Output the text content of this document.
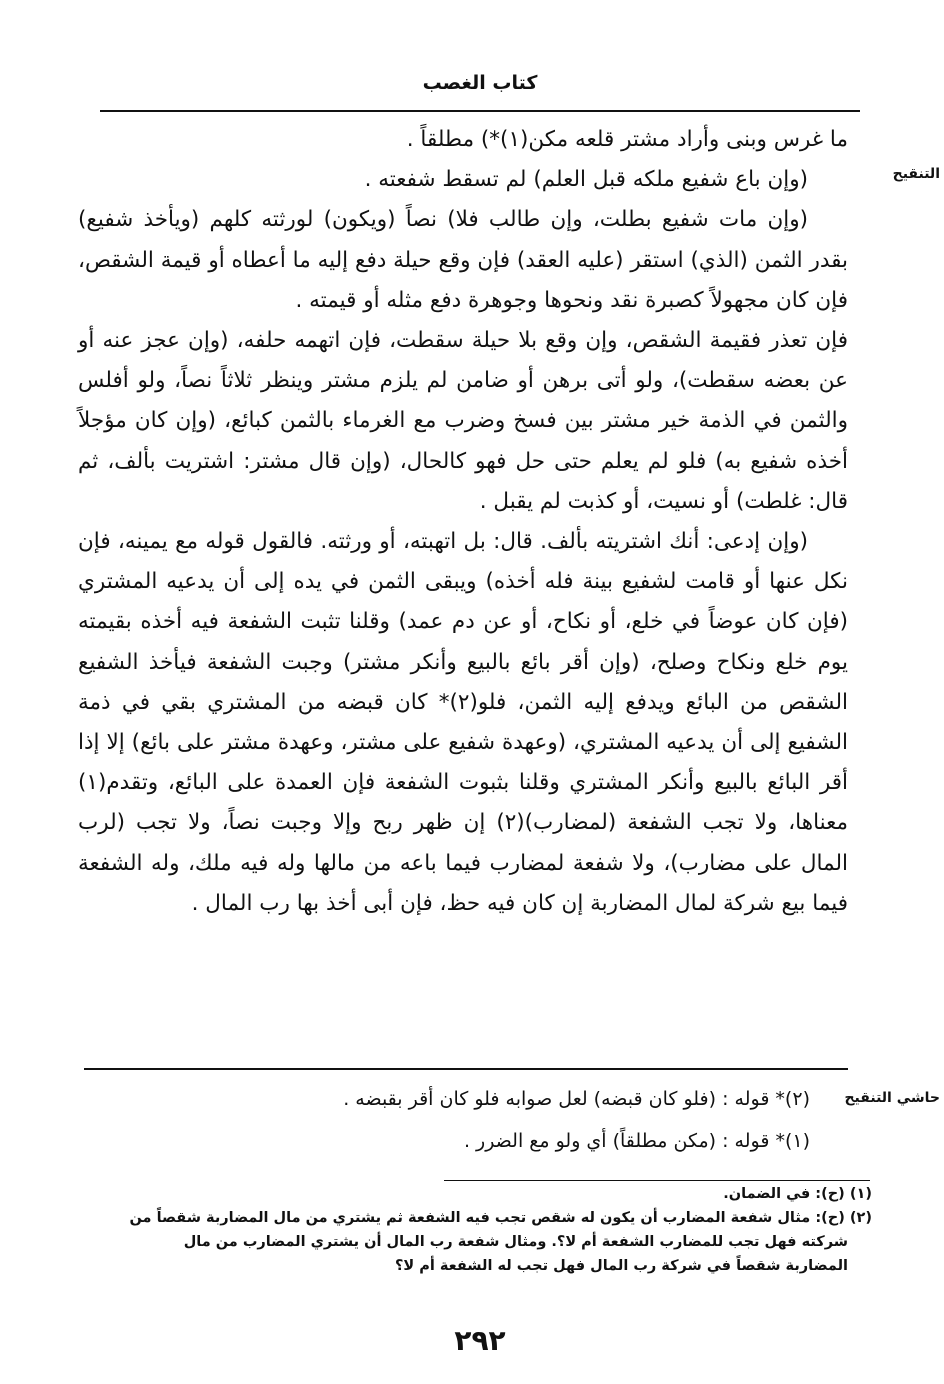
كتاب الغصب
التنقيح

ما غرس وبنى وأراد مشتر قلعه مكن(١)*) مطلقاً .

(وإن باع شفيع ملكه قبل العلم) لم تسقط شفعته .

(وإن مات شفيع بطلت، وإن طالب فلا) نصاً (ويكون) لورثته كلهم (ويأخذ شفيع) بقدر الثمن (الذي) استقر (عليه العقد) فإن وقع حيلة دفع إليه ما أعطاه أو قيمة الشقص، فإن كان مجهولاً كصبرة نقد ونحوها وجوهرة دفع مثله أو قيمته .

فإن تعذر فقيمة الشقص، وإن وقع بلا حيلة سقطت، فإن اتهمه حلفه، (وإن عجز عنه أو عن بعضه سقطت)، ولو أتى برهن أو ضامن لم يلزم مشتر وينظر ثلاثاً نصاً، ولو أفلس والثمن في الذمة خير مشتر بين فسخ وضرب مع الغرماء بالثمن كبائع، (وإن كان مؤجلاً أخذه شفيع به) فلو لم يعلم حتى حل فهو كالحال، (وإن قال مشتر: اشتريت بألف، ثم قال: غلطت) أو نسيت، أو كذبت لم يقبل .

(وإن إدعى: أنك اشتريته بألف. قال: بل اتهبته، أو ورثته. فالقول قوله مع يمينه، فإن نكل عنها أو قامت لشفيع بينة فله أخذه) ويبقى الثمن في يده إلى أن يدعيه المشتري (فإن كان عوضاً في خلع، أو نكاح، أو عن دم عمد) وقلنا تثبت الشفعة فيه أخذه بقيمته يوم خلع ونكاح وصلح، (وإن أقر بائع بالبيع وأنكر مشتر) وجبت الشفعة فيأخذ الشفيع الشقص من البائع ويدفع إليه الثمن، فلو(٢)* كان قبضه من المشتري بقي في ذمة الشفيع إلى أن يدعيه المشتري، (وعهدة شفيع على مشتر، وعهدة مشتر على بائع) إلا إذا أقر البائع بالبيع وأنكر المشتري وقلنا بثبوت الشفعة فإن العمدة على البائع، وتقدم(١) معناها، ولا تجب الشفعة (لمضارب)(٢) إن ظهر ربح وإلا وجبت نصاً، ولا تجب (لرب المال على مضارب)، ولا شفعة لمضارب فيما باعه من مالها وله فيه ملك، وله الشفعة فيما بيع شركة لمال المضاربة إن كان فيه حظ، فإن أبى أخذ بها رب المال .

حاشي التنقيح

(٢)* قوله : (فلو كان قبضه) لعل صوابه فلو كان أقر بقبضه .

(١)* قوله : (مكن مطلقاً) أي ولو مع الضرر .

(١) (ح): في الضمان.

(٢) (ح): مثال شفعة المضارب أن يكون له شقص تجب فيه الشفعة ثم يشتري من مال المضاربة شقصاً من

شركته فهل تجب للمضارب الشفعة أم لا؟. ومثال شفعة رب المال أن يشتري المضارب من مال

المضاربة شقصاً في شركة رب المال فهل تجب له الشفعة أم لا؟

٢٩٢
